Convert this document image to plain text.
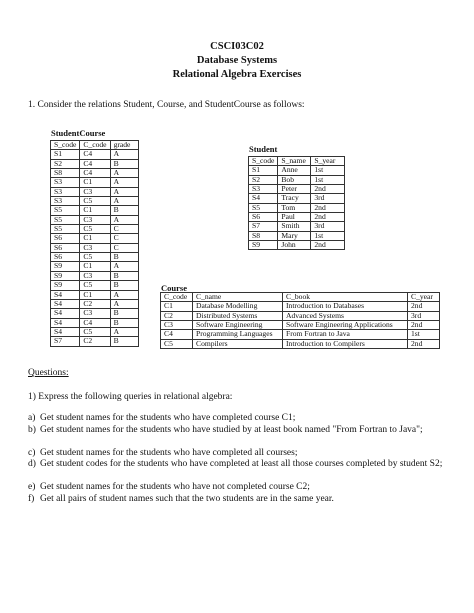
CSCI03C02
Database Systems
Relational Algebra Exercises
1. Consider the relations Student, Course, and StudentCourse as follows:
StudentCourse
S_code	C_code	grade
S1	C4	A
S2	C4	B
S8	C4	A
S3	C1	A
S3	C3	A
S3	C5	A
S5	C1	B
S5	C3	A
S5	C5	C
S6	C1	C
S6	C3	C
S6	C5	B
S9	C1	A
S9	C3	B
S9	C5	B
S4	C1	A
S4	C2	A
S4	C3	B
S4	C4	B
S4	C5	A
S7	C2	B
Student
S_code	S_name	S_year
S1	Anne	1st
S2	Bob	1st
S3	Peter	2nd
S4	Tracy	3rd
S5	Tom	2nd
S6	Paul	2nd
S7	Smith	3rd
S8	Mary	1st
S9	John	2nd
Course
C_code	C_name	C_book	C_year
C1	Database Modelling	Introduction to Databases	2nd
C2	Distributed Systems	Advanced Systems	3rd
C3	Software Engineering	Software Engineering Applications	2nd
C4	Programming Languages	From Fortran to Java	1st
C5	Compilers	Introduction to Compilers	2nd
Questions:
1) Express the following queries in relational algebra:
a) Get student names for the students who have completed course C1;
b) Get student names for the students who have studied by at least book named "From Fortran to Java";
c) Get student names for the students who have completed all courses;
d) Get student codes for the students who have completed at least all those courses completed by student S2;
e) Get student names for the students who have not completed course C2;
f) Get all pairs of student names such that the two students are in the same year.
